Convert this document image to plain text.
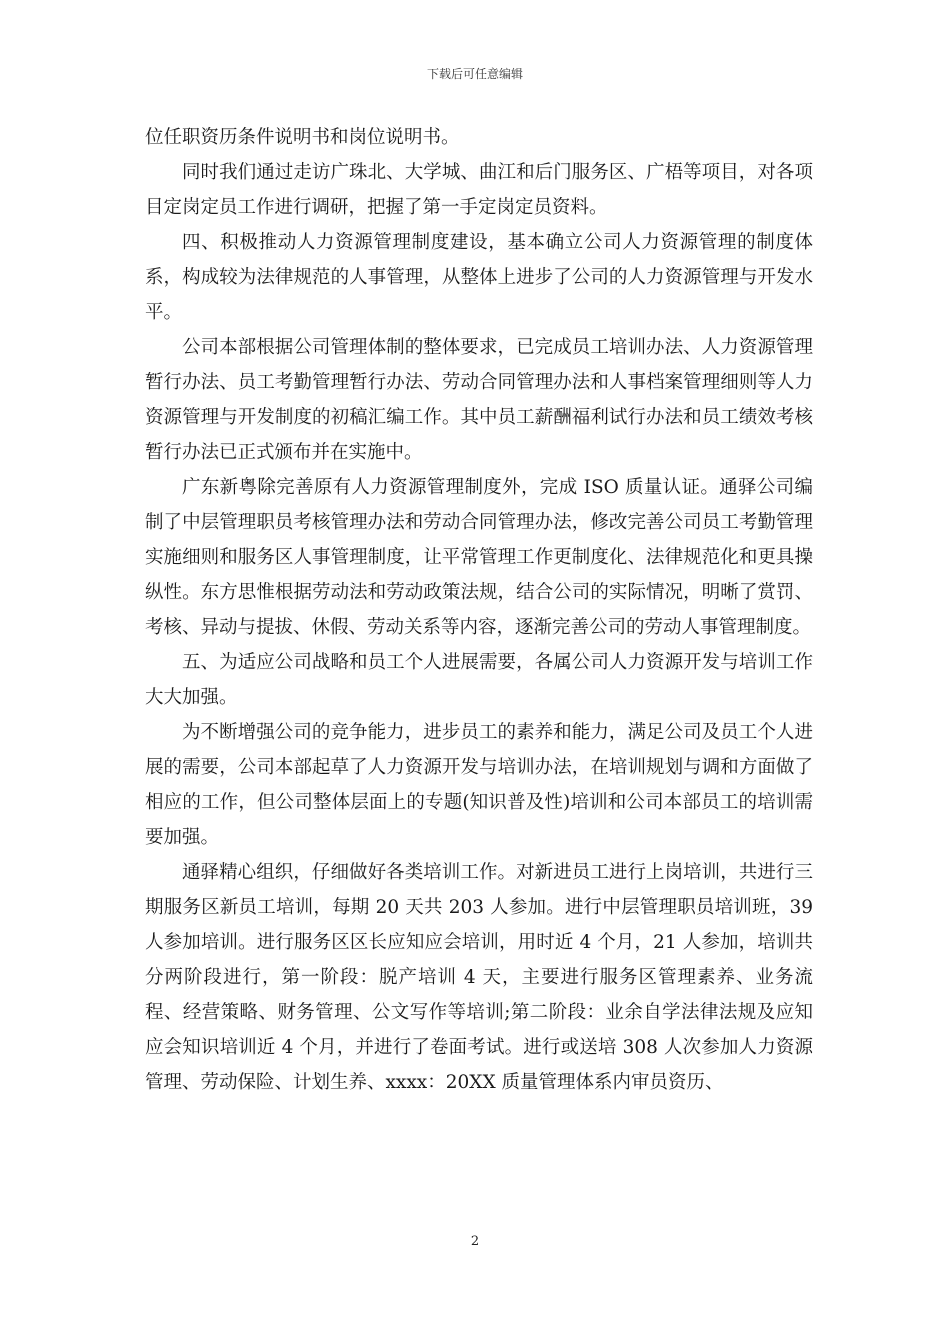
下载后可任意编辑

位任职资历条件说明书和岗位说明书。

同时我们通过走访广珠北、大学城、曲江和后门服务区、广梧等项目，对各项目定岗定员工作进行调研，把握了第一手定岗定员资料。

四、积极推动人力资源管理制度建设，基本确立公司人力资源管理的制度体系，构成较为法律规范的人事管理，从整体上进步了公司的人力资源管理与开发水平。

公司本部根据公司管理体制的整体要求，已完成员工培训办法、人力资源管理暂行办法、员工考勤管理暂行办法、劳动合同管理办法和人事档案管理细则等人力资源管理与开发制度的初稿汇编工作。其中员工薪酬福利试行办法和员工绩效考核暂行办法已正式颁布并在实施中。

广东新粤除完善原有人力资源管理制度外，完成 ISO 质量认证。通驿公司编制了中层管理职员考核管理办法和劳动合同管理办法，修改完善公司员工考勤管理实施细则和服务区人事管理制度，让平常管理工作更制度化、法律规范化和更具操纵性。东方思惟根据劳动法和劳动政策法规，结合公司的实际情况，明晰了赏罚、考核、异动与提拔、休假、劳动关系等内容，逐渐完善公司的劳动人事管理制度。

五、为适应公司战略和员工个人进展需要，各属公司人力资源开发与培训工作大大加强。

为不断增强公司的竞争能力，进步员工的素养和能力，满足公司及员工个人进展的需要，公司本部起草了人力资源开发与培训办法，在培训规划与调和方面做了相应的工作，但公司整体层面上的专题(知识普及性)培训和公司本部员工的培训需要加强。

通驿精心组织，仔细做好各类培训工作。对新进员工进行上岗培训，共进行三期服务区新员工培训，每期 20 天共 203 人参加。进行中层管理职员培训班，39 人参加培训。进行服务区区长应知应会培训，用时近 4 个月，21 人参加，培训共分两阶段进行，第一阶段：脱产培训 4 天，主要进行服务区管理素养、业务流程、经营策略、财务管理、公文写作等培训;第二阶段：业余自学法律法规及应知应会知识培训近 4 个月，并进行了卷面考试。进行或送培 308 人次参加人力资源管理、劳动保险、计划生养、xxxx：20XX 质量管理体系内审员资历、

2
